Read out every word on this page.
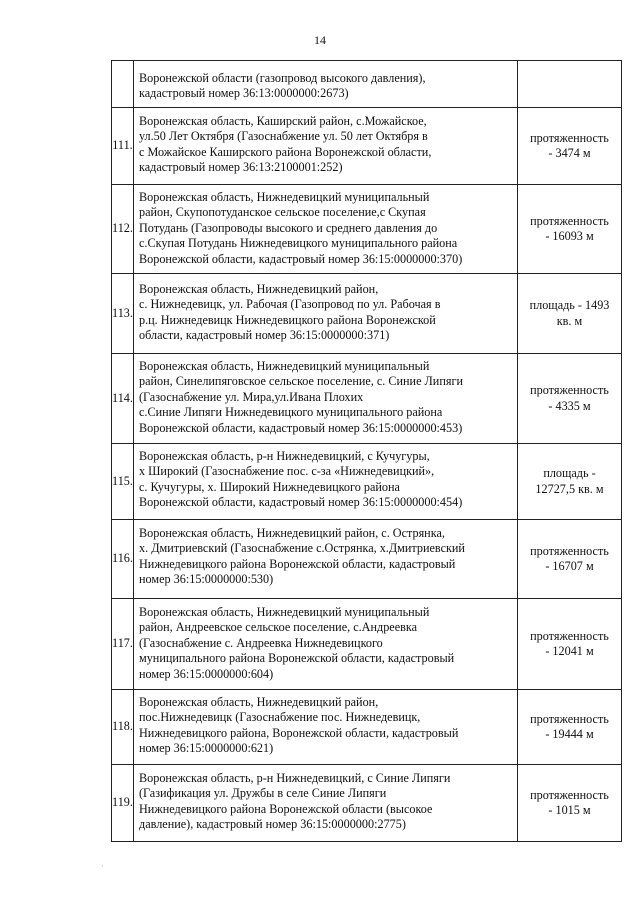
14

	Воронежской области (газопровод высокого давления),
кадастровый номер 36:13:0000000:2673)	

111.	Воронежская область, Каширский район, с.Можайское,
ул.50 Лет Октября (Газоснабжение ул. 50 лет Октября в
с Можайское Каширского района Воронежской области,
кадастровый номер 36:13:2100001:252)	протяженность
- 3474 м
112.	Воронежская область, Нижнедевицкий муниципальный
район, Скупопотуданское сельское поселение,с Скупая
Потудань (Газопроводы высокого и среднего давления до
с.Скупая Потудань Нижнедевицкого муниципального района
Воронежской области, кадастровый номер 36:15:0000000:370)	протяженность
- 16093 м
113.	Воронежская область, Нижнедевицкий район,
с. Нижнедевицк, ул. Рабочая (Газопровод по ул. Рабочая в
р.ц. Нижнедевицк Нижнедевицкого района Воронежской
области, кадастровый номер 36:15:0000000:371)	площадь - 1493
кв. м
114.	Воронежская область, Нижнедевицкий муниципальный
район, Синелипяговское сельское поселение, с. Синие Липяги
(Газоснабжение ул. Мира,ул.Ивана Плохих
с.Синие Липяги Нижнедевицкого муниципального района
Воронежской области, кадастровый номер 36:15:0000000:453)	протяженность
- 4335 м
115.	Воронежская область, р-н Нижнедевицкий, с Кучугуры,
х Широкий (Газоснабжение пос. с-за «Нижнедевицкий»,
с. Кучугуры, х. Широкий Нижнедевицкого района
Воронежской области, кадастровый номер 36:15:0000000:454)	площадь -
12727,5 кв. м
116.	Воронежская область, Нижнедевицкий район, с. Острянка,
х. Дмитриевский (Газоснабжение с.Острянка, х.Дмитриевский
Нижнедевицкого района Воронежской области, кадастровый
номер 36:15:0000000:530)	протяженность
- 16707 м
117.	Воронежская область, Нижнедевицкий муниципальный
район, Андреевское сельское поселение, с.Андреевка
(Газоснабжение с. Андреевка Нижнедевицкого
муниципального района Воронежской области, кадастровый
номер 36:15:0000000:604)	протяженность
- 12041 м
118.	Воронежская область, Нижнедевицкий район,
пос.Нижнедевицк (Газоснабжение пос. Нижнедевицк,
Нижнедевицкого района, Воронежской области, кадастровый
номер 36:15:0000000:621)	протяженность
- 19444 м
119.	Воронежская область, р-н Нижнедевицкий, с Синие Липяги
(Газификация ул. Дружбы в селе Синие Липяги
Нижнедевицкого района Воронежской области (высокое
давление), кадастровый номер 36:15:0000000:2775)	протяженность
- 1015 м
·
